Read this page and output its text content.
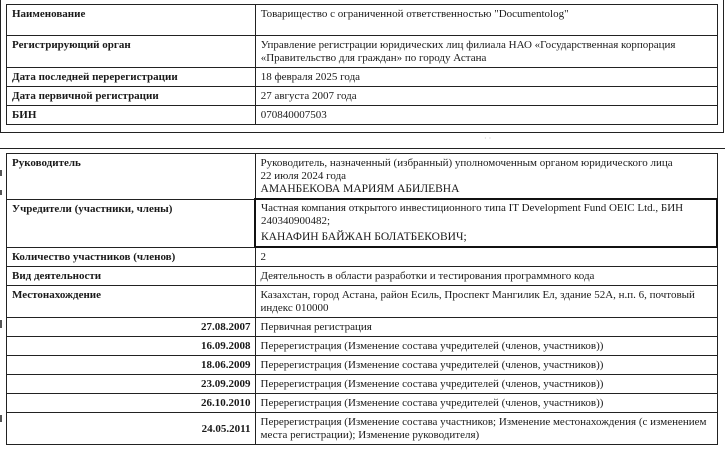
Наименование	Товарищество с ограниченной ответственностью "Documentolog"
Регистрирующий орган	Управление регистрации юридических лиц филиала НАО «Государственная корпорация «Правительство для граждан» по городу Астана
Дата последней перерегистрации	18 февраля 2025 года
Дата первичной регистрации	27 августа 2007 года
БИН	070840007503
· ·
Руководитель	Руководитель, назначенный (избранный) уполномоченным органом юридического лица
22 июля 2024 года
АМАНБЕКОВА МАРИЯМ АБИЛЕВНА

Учредители (участники, члены)	Частная компания открытого инвестиционного типа IT Development Fund OEIC Ltd., БИН 240340900482;
КАНАФИН БАЙЖАН БОЛАТБЕКОВИЧ;

Количество участников (членов)	2
Вид деятельности	Деятельность в области разработки и тестирования программного кода
Местонахождение	Казахстан, город Астана, район Есиль, Проспект Мангилик Ел, здание 52А, н.п. 6, почтовый индекс 010000
27.08.2007	Первичная регистрация
16.09.2008	Перерегистрация (Изменение состава учредителей (членов, участников))
18.06.2009	Перерегистрация (Изменение состава учредителей (членов, участников))
23.09.2009	Перерегистрация (Изменение состава учредителей (членов, участников))
26.10.2010	Перерегистрация (Изменение состава учредителей (членов, участников))
24.05.2011	Перерегистрация (Изменение состава участников; Изменение местонахождения (с изменением места регистрации); Изменение руководителя)
